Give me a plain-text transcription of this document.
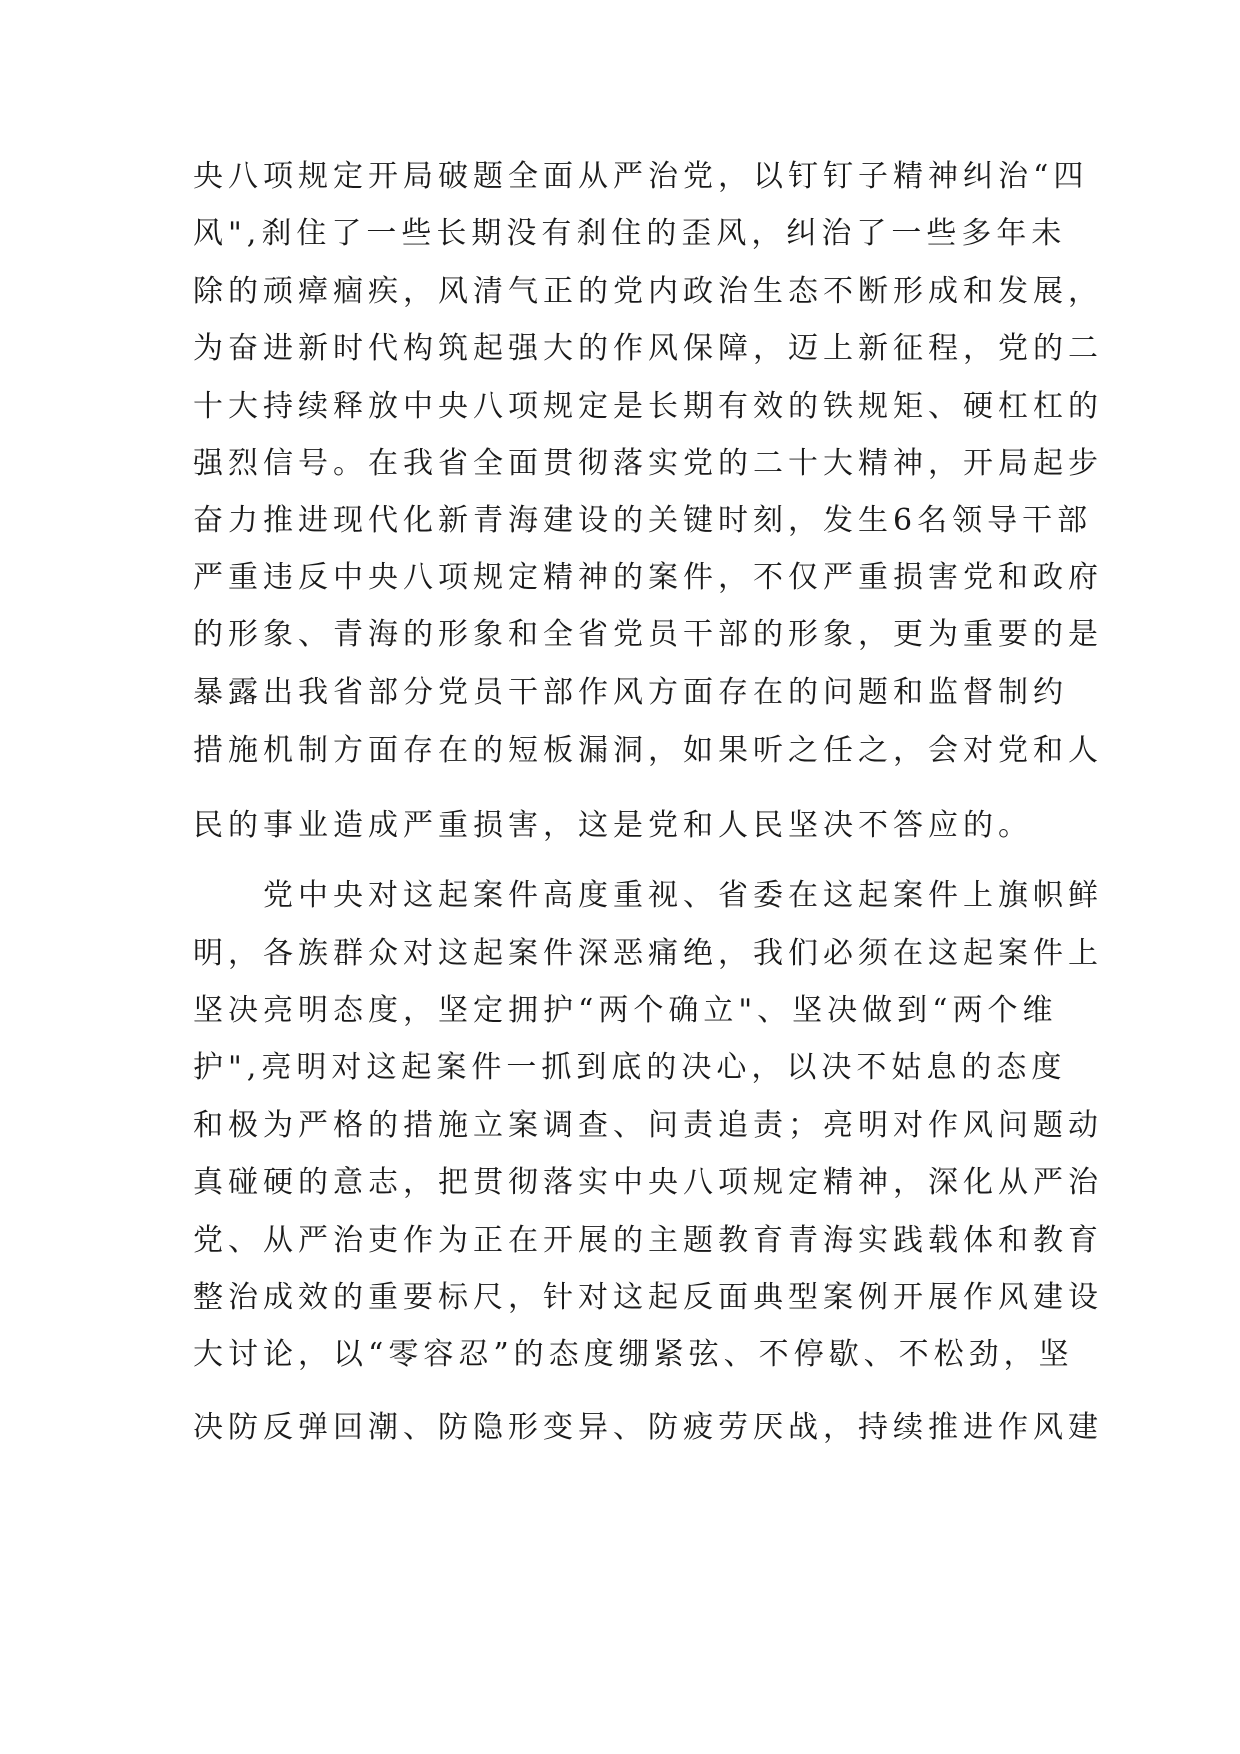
央八项规定开局破题全面从严治党，以钉钉子精神纠治“四

风",刹住了一些长期没有刹住的歪风，纠治了一些多年未

除的顽瘴痼疾，风清气正的党内政治生态不断形成和发展，

为奋进新时代构筑起强大的作风保障，迈上新征程，党的二

十大持续释放中央八项规定是长期有效的铁规矩、硬杠杠的

强烈信号。在我省全面贯彻落实党的二十大精神，开局起步

奋力推进现代化新青海建设的关键时刻，发生6名领导干部

严重违反中央八项规定精神的案件，不仅严重损害党和政府

的形象、青海的形象和全省党员干部的形象，更为重要的是

暴露出我省部分党员干部作风方面存在的问题和监督制约

措施机制方面存在的短板漏洞，如果听之任之，会对党和人

民的事业造成严重损害，这是党和人民坚决不答应的。

　　党中央对这起案件高度重视、省委在这起案件上旗帜鲜

明，各族群众对这起案件深恶痛绝，我们必须在这起案件上

坚决亮明态度，坚定拥护“两个确立"、坚决做到“两个维

护",亮明对这起案件一抓到底的决心，以决不姑息的态度

和极为严格的措施立案调查、问责追责；亮明对作风问题动

真碰硬的意志，把贯彻落实中央八项规定精神，深化从严治

党、从严治吏作为正在开展的主题教育青海实践载体和教育

整治成效的重要标尺，针对这起反面典型案例开展作风建设

大讨论，以“零容忍”的态度绷紧弦、不停歇、不松劲，坚

决防反弹回潮、防隐形变异、防疲劳厌战，持续推进作风建
